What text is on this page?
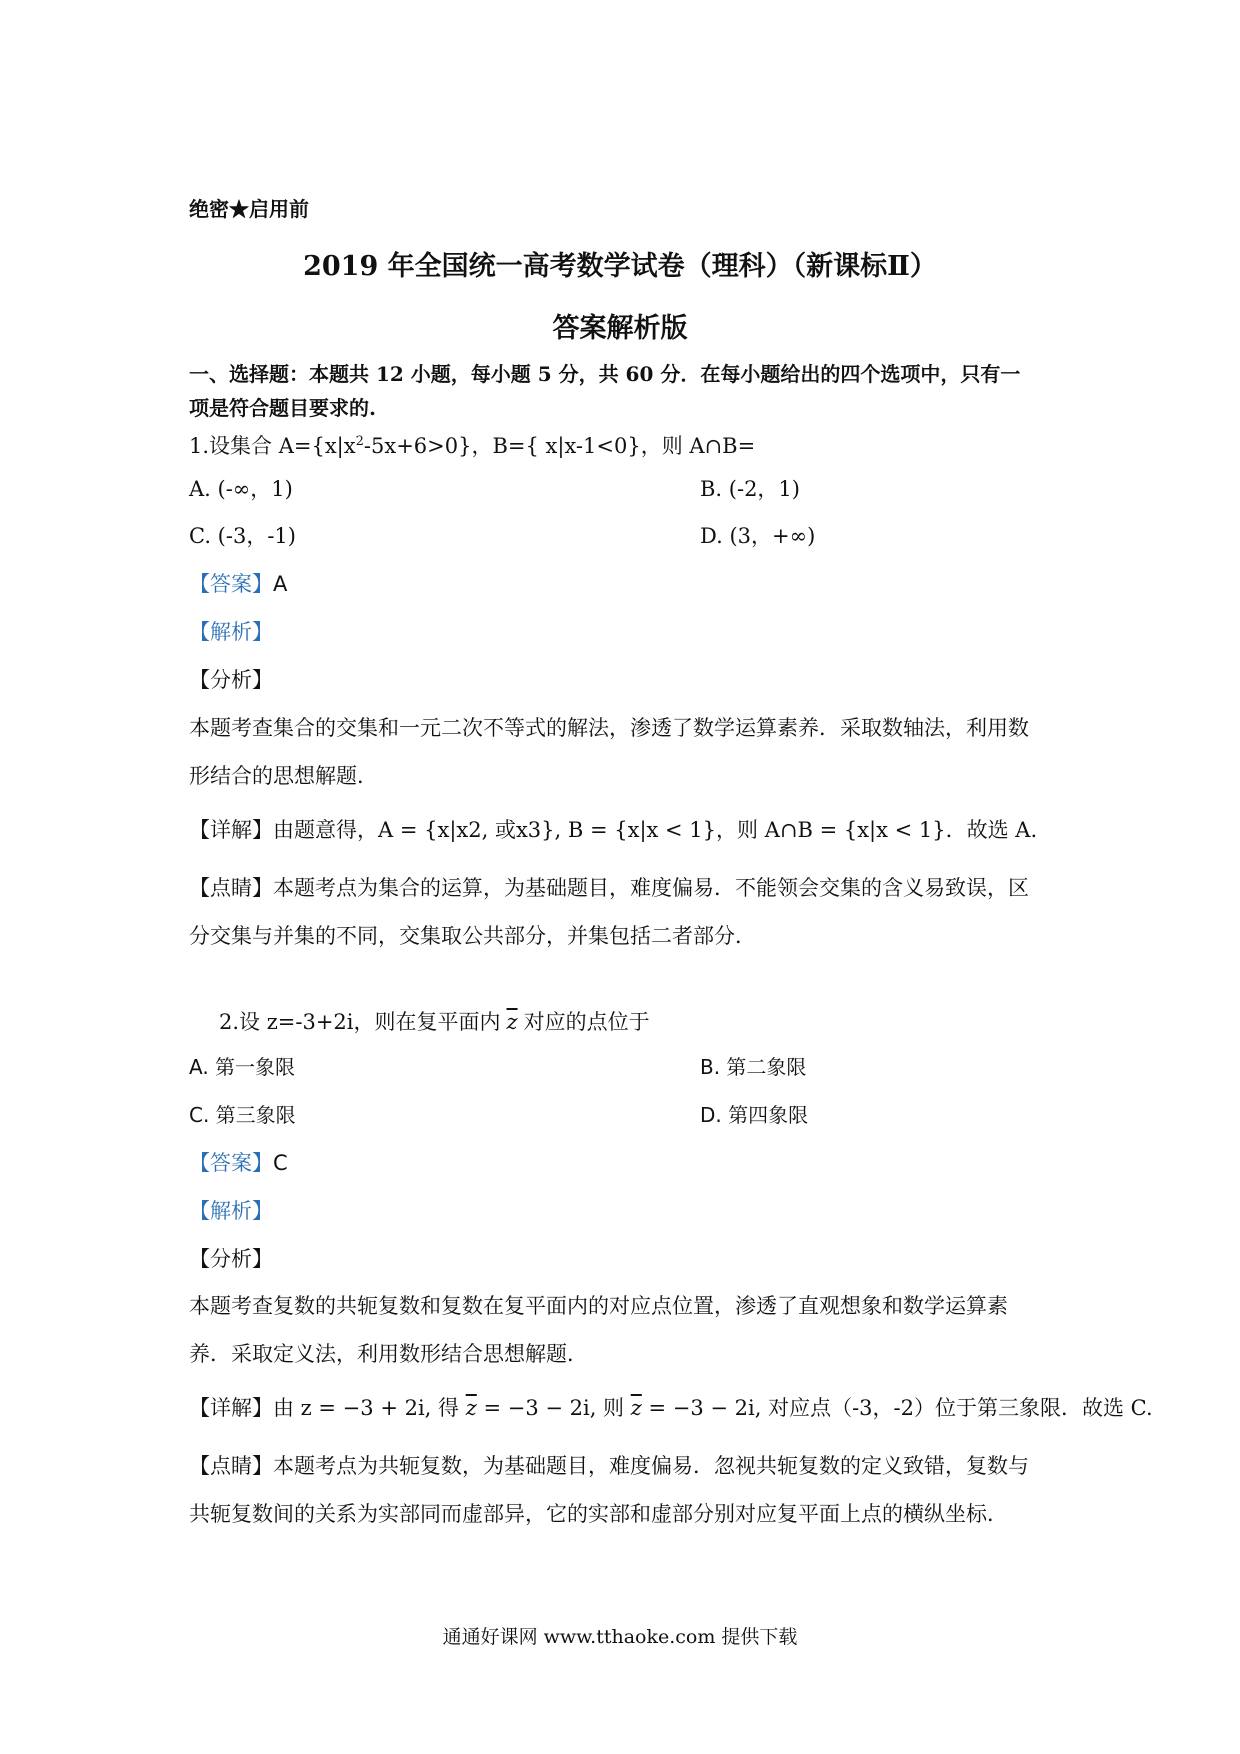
绝密★启用前
2019 年全国统一高考数学试卷（理科）（新课标Ⅱ）
答案解析版
一、选择题：本题共 12 小题，每小题 5 分，共 60 分．在每小题给出的四个选项中，只有一
项是符合题目要求的.
1.设集合 $A=\{x|x^2-5x+6>0\}$，B={ x|x-1<0}，则 A∩B=
A. (-∞，1)	B. (-2，1)
C. (-3，-1)	D. (3，+∞)
【答案】A
【解析】
【分析】
本题考查集合的交集和一元二次不等式的解法，渗透了数学运算素养．采取数轴法，利用数
形结合的思想解题．
【详解】由题意得，A = {x|x2, 或x3}, B = {x|x < 1}，则 A∩B = {x|x < 1}．故选 A.
【点睛】本题考点为集合的运算，为基础题目，难度偏易．不能领会交集的含义易致误，区
分交集与并集的不同，交集取公共部分，并集包括二者部分．
2.设 z=-3+2i，则在复平面内 $\overline{z}$ 对应的点位于
A. 第一象限	B. 第二象限
C. 第三象限	D. 第四象限
【答案】C
【解析】
【分析】
本题考查复数的共轭复数和复数在复平面内的对应点位置，渗透了直观想象和数学运算素
养．采取定义法，利用数形结合思想解题．
【详解】由 z = −3 + 2i, 得 $\overline{z} = -3 - 2i$, 则 $\overline{z} = -3 - 2i$, 对应点（-3，-2）位于第三象限．故选 C.
【点睛】本题考点为共轭复数，为基础题目，难度偏易．忽视共轭复数的定义致错，复数与
共轭复数间的关系为实部同而虚部异，它的实部和虚部分别对应复平面上点的横纵坐标．
通通好课网 www.tthaoke.com 提供下载
